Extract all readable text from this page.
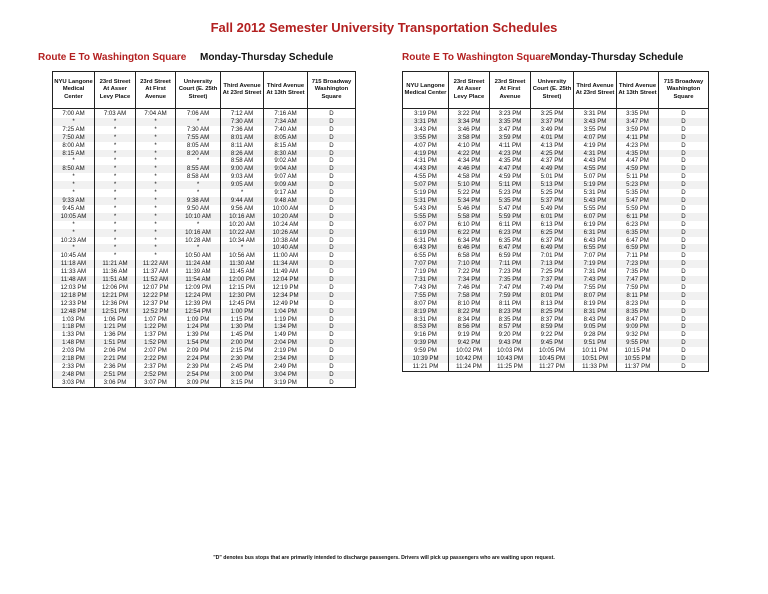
Fall 2012 Semester University Transportation Schedules
Route E To Washington Square Monday-Thursday Schedule	Route E To Washington Square Monday-Thursday Schedule
NYU Langone Medical Center	23rd Street At Asser Levy Place	23rd Street At First Avenue	University Court (E. 25th Street)	Third Avenue At 23rd Street	Third Avenue At 13th Street	715 Broadway Washington Square
7:00 AM	7:03 AM	7:04 AM	7:06 AM	7:12 AM	7:16 AM	D
*	*	*	*	7:30 AM	7:34 AM	D
7:25 AM	*	*	7:30 AM	7:36 AM	7:40 AM	D
7:50 AM	*	*	7:55 AM	8:01 AM	8:05 AM	D
8:00 AM	*	*	8:05 AM	8:11 AM	8:15 AM	D
8:15 AM	*	*	8:20 AM	8:26 AM	8:30 AM	D
*	*	*	*	8:58 AM	9:02 AM	D
8:50 AM	*	*	8:55 AM	9:00 AM	9:04 AM	D
*	*	*	8:58 AM	9:03 AM	9:07 AM	D
*	*	*	*	9:05 AM	9:09 AM	D
*	*	*	*	*	9:17 AM	D
9:33 AM	*	*	9:38 AM	9:44 AM	9:48 AM	D
9:45 AM	*	*	9:50 AM	9:56 AM	10:00 AM	D
10:05 AM	*	*	10:10 AM	10:16 AM	10:20 AM	D
*	*	*	*	10:20 AM	10:24 AM	D
*	*	*	10:16 AM	10:22 AM	10:26 AM	D
10:23 AM	*	*	10:28 AM	10:34 AM	10:38 AM	D
*	*	*	*	*	10:40 AM	D
10:45 AM	*	*	10:50 AM	10:56 AM	11:00 AM	D
11:18 AM	11:21 AM	11:22 AM	11:24 AM	11:30 AM	11:34 AM	D
11:33 AM	11:36 AM	11:37 AM	11:39 AM	11:45 AM	11:49 AM	D
11:48 AM	11:51 AM	11:52 AM	11:54 AM	12:00 PM	12:04 PM	D
12:03 PM	12:06 PM	12:07 PM	12:09 PM	12:15 PM	12:19 PM	D
12:18 PM	12:21 PM	12:22 PM	12:24 PM	12:30 PM	12:34 PM	D
12:33 PM	12:36 PM	12:37 PM	12:39 PM	12:45 PM	12:49 PM	D
12:48 PM	12:51 PM	12:52 PM	12:54 PM	1:00 PM	1:04 PM	D
1:03 PM	1:06 PM	1:07 PM	1:09 PM	1:15 PM	1:19 PM	D
1:18 PM	1:21 PM	1:22 PM	1:24 PM	1:30 PM	1:34 PM	D
1:33 PM	1:36 PM	1:37 PM	1:39 PM	1:45 PM	1:49 PM	D
1:48 PM	1:51 PM	1:52 PM	1:54 PM	2:00 PM	2:04 PM	D
2:03 PM	2:06 PM	2:07 PM	2:09 PM	2:15 PM	2:19 PM	D
2:18 PM	2:21 PM	2:22 PM	2:24 PM	2:30 PM	2:34 PM	D
2:33 PM	2:36 PM	2:37 PM	2:39 PM	2:45 PM	2:49 PM	D
2:48 PM	2:51 PM	2:52 PM	2:54 PM	3:00 PM	3:04 PM	D
3:03 PM	3:06 PM	3:07 PM	3:09 PM	3:15 PM	3:19 PM	D
NYU Langone Medical Center	23rd Street At Asser Levy Place	23rd Street At First Avenue	University Court (E. 25th Street)	Third Avenue At 23rd Street	Third Avenue At 13th Street	715 Broadway Washington Square
3:19 PM	3:22 PM	3:23 PM	3:25 PM	3:31 PM	3:35 PM	D
3:31 PM	3:34 PM	3:35 PM	3:37 PM	3:43 PM	3:47 PM	D
3:43 PM	3:46 PM	3:47 PM	3:49 PM	3:55 PM	3:59 PM	D
3:55 PM	3:58 PM	3:59 PM	4:01 PM	4:07 PM	4:11 PM	D
4:07 PM	4:10 PM	4:11 PM	4:13 PM	4:19 PM	4:23 PM	D
4:19 PM	4:22 PM	4:23 PM	4:25 PM	4:31 PM	4:35 PM	D
4:31 PM	4:34 PM	4:35 PM	4:37 PM	4:43 PM	4:47 PM	D
4:43 PM	4:46 PM	4:47 PM	4:49 PM	4:55 PM	4:59 PM	D
4:55 PM	4:58 PM	4:59 PM	5:01 PM	5:07 PM	5:11 PM	D
5:07 PM	5:10 PM	5:11 PM	5:13 PM	5:19 PM	5:23 PM	D
5:19 PM	5:22 PM	5:23 PM	5:25 PM	5:31 PM	5:35 PM	D
5:31 PM	5:34 PM	5:35 PM	5:37 PM	5:43 PM	5:47 PM	D
5:43 PM	5:46 PM	5:47 PM	5:49 PM	5:55 PM	5:59 PM	D
5:55 PM	5:58 PM	5:59 PM	6:01 PM	6:07 PM	6:11 PM	D
6:07 PM	6:10 PM	6:11 PM	6:13 PM	6:19 PM	6:23 PM	D
6:19 PM	6:22 PM	6:23 PM	6:25 PM	6:31 PM	6:35 PM	D
6:31 PM	6:34 PM	6:35 PM	6:37 PM	6:43 PM	6:47 PM	D
6:43 PM	6:46 PM	6:47 PM	6:49 PM	6:55 PM	6:59 PM	D
6:55 PM	6:58 PM	6:59 PM	7:01 PM	7:07 PM	7:11 PM	D
7:07 PM	7:10 PM	7:11 PM	7:13 PM	7:19 PM	7:23 PM	D
7:19 PM	7:22 PM	7:23 PM	7:25 PM	7:31 PM	7:35 PM	D
7:31 PM	7:34 PM	7:35 PM	7:37 PM	7:43 PM	7:47 PM	D
7:43 PM	7:46 PM	7:47 PM	7:49 PM	7:55 PM	7:59 PM	D
7:55 PM	7:58 PM	7:59 PM	8:01 PM	8:07 PM	8:11 PM	D
8:07 PM	8:10 PM	8:11 PM	8:13 PM	8:19 PM	8:23 PM	D
8:19 PM	8:22 PM	8:23 PM	8:25 PM	8:31 PM	8:35 PM	D
8:31 PM	8:34 PM	8:35 PM	8:37 PM	8:43 PM	8:47 PM	D
8:53 PM	8:56 PM	8:57 PM	8:59 PM	9:05 PM	9:09 PM	D
9:16 PM	9:19 PM	9:20 PM	9:22 PM	9:28 PM	9:32 PM	D
9:39 PM	9:42 PM	9:43 PM	9:45 PM	9:51 PM	9:55 PM	D
9:59 PM	10:02 PM	10:03 PM	10:05 PM	10:11 PM	10:15 PM	D
10:39 PM	10:42 PM	10:43 PM	10:45 PM	10:51 PM	10:55 PM	D
11:21 PM	11:24 PM	11:25 PM	11:27 PM	11:33 PM	11:37 PM	D
"D" denotes bus stops that are primarily intended to discharge passengers. Drivers will pick up passengers who are waiting upon request.
